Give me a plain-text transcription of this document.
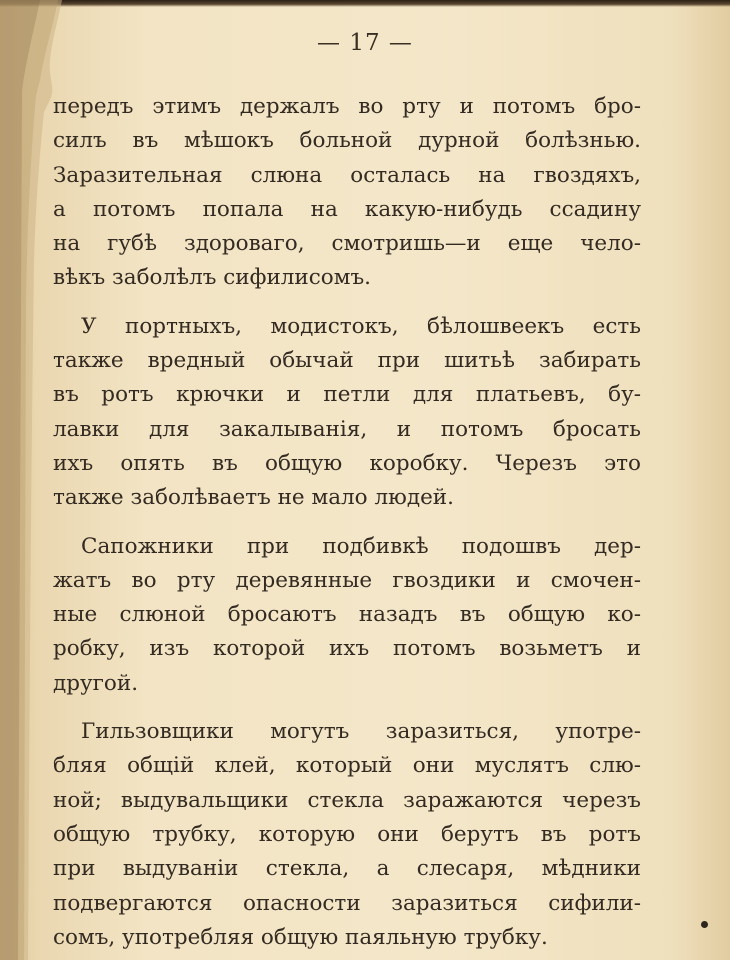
— 17 —
передъ этимъ держалъ во рту и потомъ бро-
силъ въ мѣшокъ больной дурной болѣзнью.
Заразительная слюна осталась на гвоздяхъ,
а потомъ попала на какую-нибудь ссадину
на губѣ здороваго, смотришь—и еще чело-
вѣкъ заболѣлъ сифилисомъ.
У портныхъ, модистокъ, бѣлошвеекъ есть
также вредный обычай при шитьѣ забирать
въ ротъ крючки и петли для платьевъ, бу-
лавки для закалыванія, и потомъ бросать
ихъ опять въ общую коробку. Черезъ это
также заболѣваетъ не мало людей.
Сапожники при подбивкѣ подошвъ дер-
жатъ во рту деревянные гвоздики и смочен-
ные слюной бросаютъ назадъ въ общую ко-
робку, изъ которой ихъ потомъ возьметъ и
другой.
Гильзовщики могутъ заразиться, употре-
бляя общій клей, который они муслятъ слю-
ной; выдувальщики стекла заражаются черезъ
общую трубку, которую они берутъ въ ротъ
при выдуваніи стекла, а слесаря, мѣдники
подвергаются опасности заразиться сифили-
сомъ, употребляя общую паяльную трубку.
